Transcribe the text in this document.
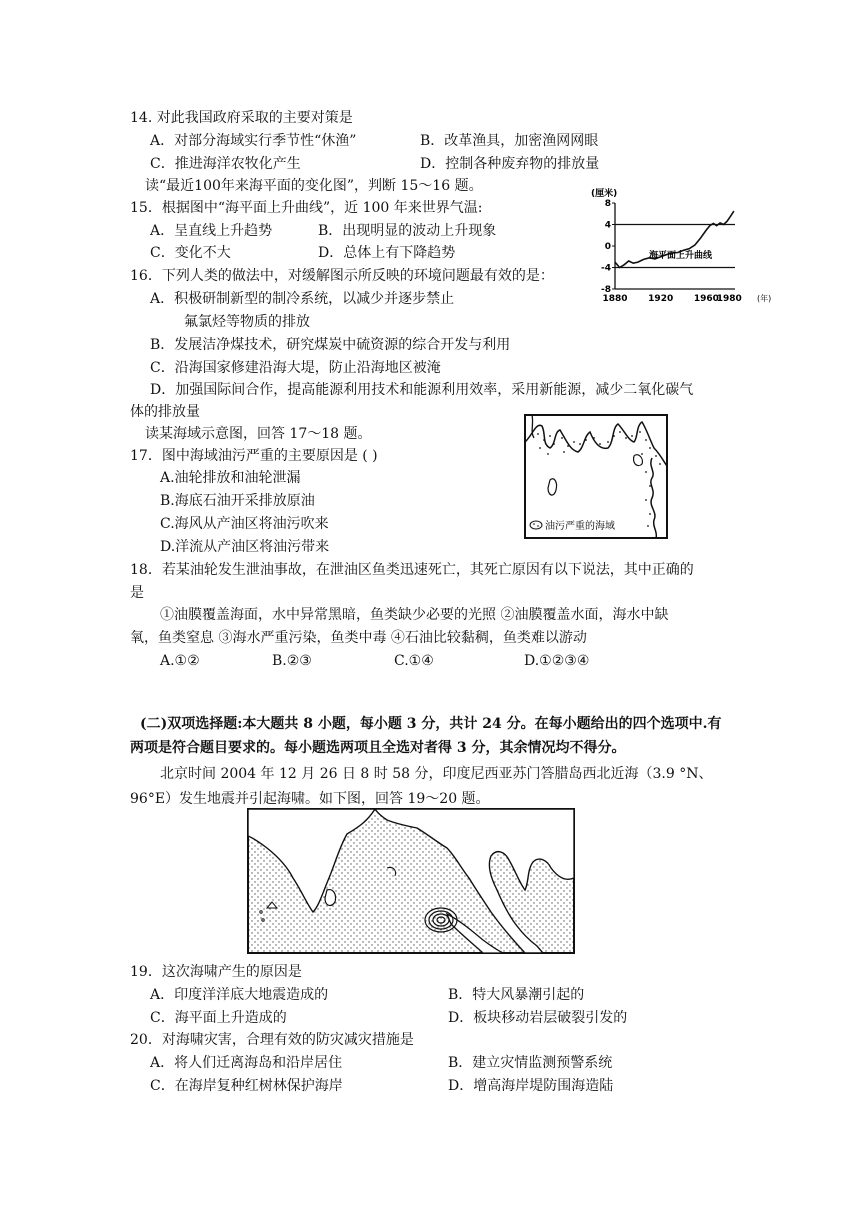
14. 对此我国政府采取的主要对策是
A．对部分海域实行季节性“休渔”	B．改革渔具，加密渔网网眼
C．推进海洋农牧化产生	D．控制各种废弃物的排放量
读“最近100年来海平面的变化图”，判断 15～16 题。
15．根据图中“海平面上升曲线”，近 100 年来世界气温:
A．呈直线上升趋势	B．出现明显的波动上升现象
C．变化不大	D．总体上有下降趋势
(厘米)
8
4
0
-4
-8
海平面上升曲线
1880 1920 1960
1980 (年)
16．下列人类的做法中，对缓解图示所反映的环境问题最有效的是：
A．积极研制新型的制冷系统，以减少并逐步禁止
氟氯烃等物质的排放
B．发展洁净煤技术，研究煤炭中硫资源的综合开发与利用
C．沿海国家修建沿海大堤，防止沿海地区被淹
D．加强国际间合作，提高能源利用技术和能源利用效率，采用新能源，减少二氧化碳气
体的排放量
读某海域示意图，回答 17～18 题。
油污严重的海域
17．图中海域油污严重的主要原因是 ( )
A.油轮排放和油轮泄漏
B.海底石油开采排放原油
C.海风从产油区将油污吹来
D.洋流从产油区将油污带来
18．若某油轮发生泄油事故，在泄油区鱼类迅速死亡，其死亡原因有以下说法，其中正确的
是
①油膜覆盖海面，水中异常黑暗，鱼类缺少必要的光照 ②油膜覆盖水面，海水中缺
氧，鱼类窒息 ③海水严重污染，鱼类中毒 ④石油比较黏稠，鱼类难以游动
A.①②	B.②③	C.①④	D.①②③④
(二)双项选择题:本大题共 8 小题，每小题 3 分，共计 24 分。在每小题给出的四个选项中.有
两项是符合题目要求的。每小题选两项且全选对者得 3 分，其余情况均不得分。
北京时间 2004 年 12 月 26 日 8 时 58 分，印度尼西亚苏门答腊岛西北近海（3.9 °N、
96°E）发生地震并引起海啸。如下图，回答 19～20 题。
19．这次海啸产生的原因是
A．印度洋洋底大地震造成的	B．特大风暴潮引起的
C．海平面上升造成的	D．板块移动岩层破裂引发的
20．对海啸灾害，合理有效的防灾减灾措施是
A．将人们迁离海岛和沿岸居住	B．建立灾情监测预警系统
C．在海岸复种红树林保护海岸	D．增高海岸堤防围海造陆
